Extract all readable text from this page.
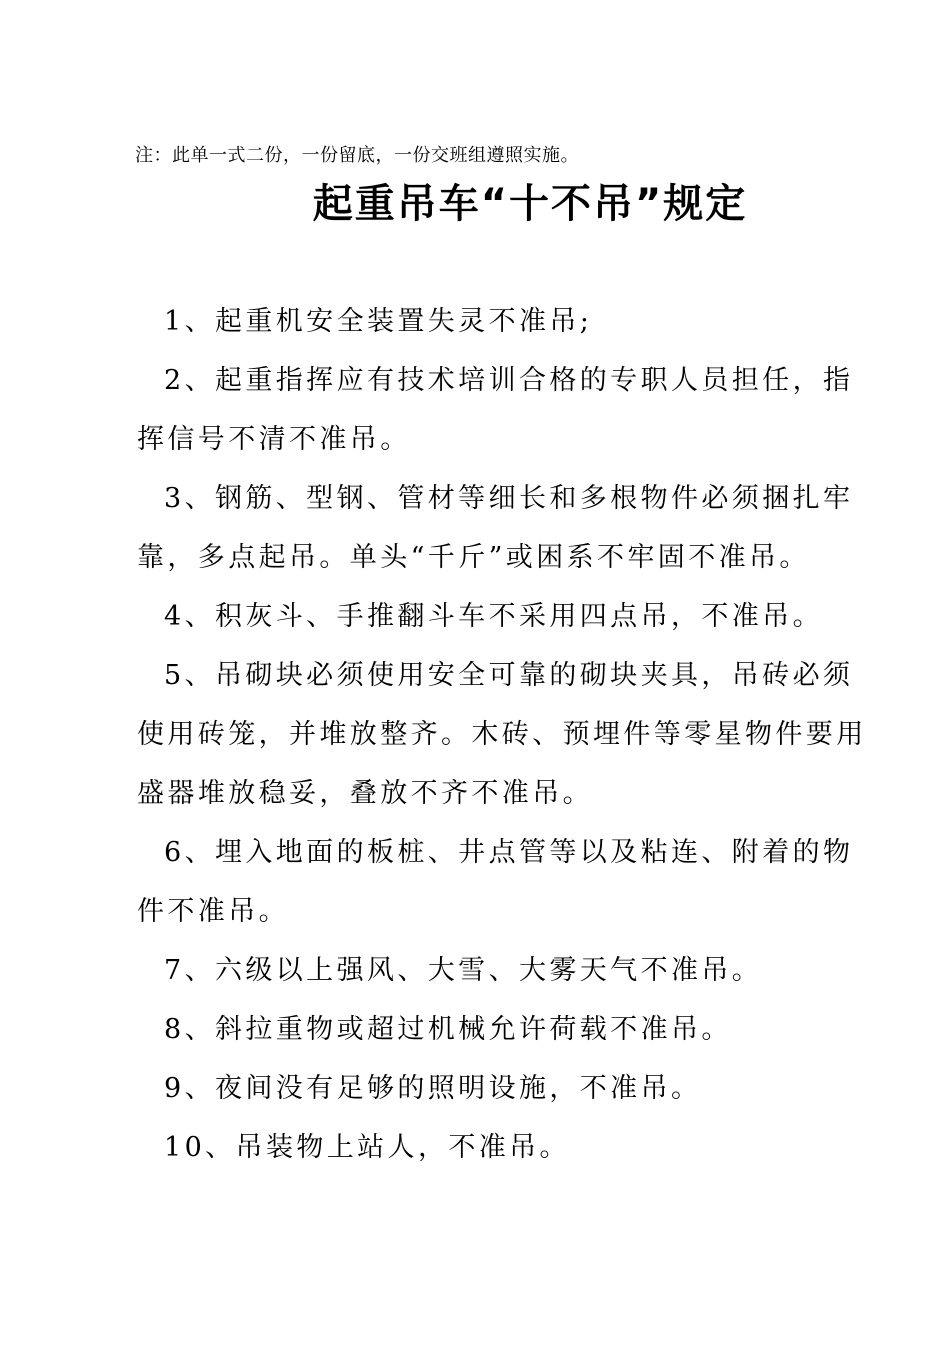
注：此单一式二份，一份留底，一份交班组遵照实施。
起重吊车“十不吊”规定
1、起重机安全装置失灵不准吊;
2、起重指挥应有技术培训合格的专职人员担任，指挥信号不清不准吊。
3、钢筋、型钢、管材等细长和多根物件必须捆扎牢靠，多点起吊。单头“千斤”或困系不牢固不准吊。
4、积灰斗、手推翻斗车不采用四点吊，不准吊。
5、吊砌块必须使用安全可靠的砌块夹具，吊砖必须使用砖笼，并堆放整齐。木砖、预埋件等零星物件要用盛器堆放稳妥，叠放不齐不准吊。
6、埋入地面的板桩、井点管等以及粘连、附着的物件不准吊。
7、六级以上强风、大雪、大雾天气不准吊。
8、斜拉重物或超过机械允许荷载不准吊。
9、夜间没有足够的照明设施，不准吊。
10、吊装物上站人，不准吊。
